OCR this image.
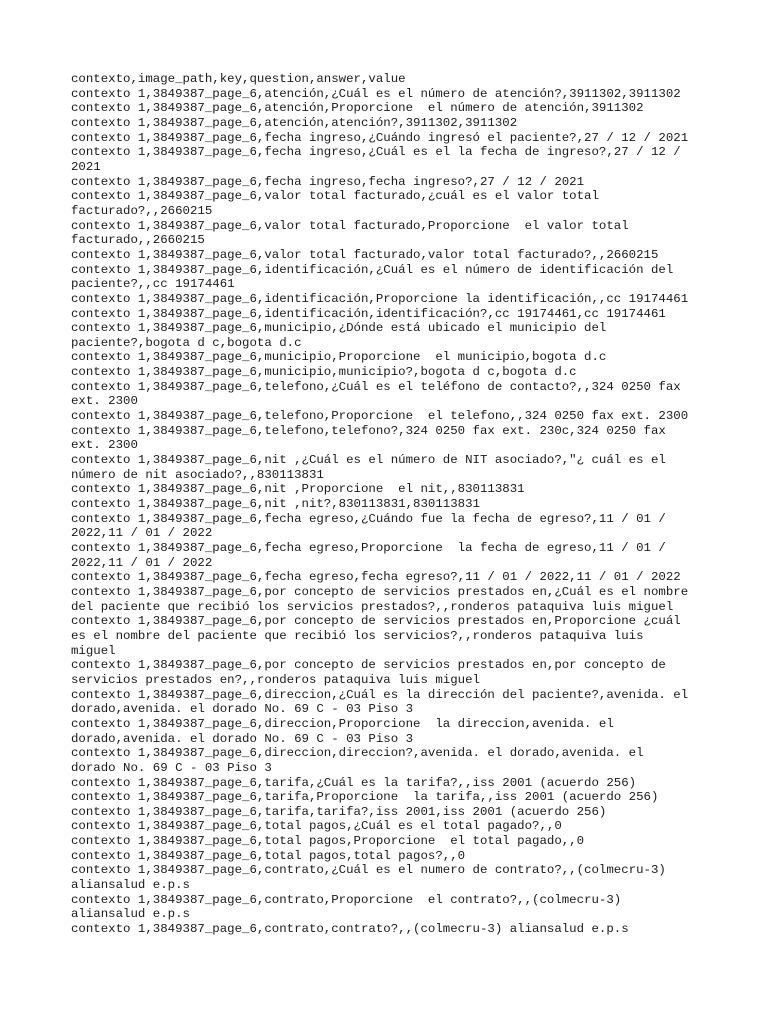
contexto,image_path,key,question,answer,value

contexto 1,3849387_page_6,atención,¿Cuál es el número de atención?,3911302,3911302

contexto 1,3849387_page_6,atención,Proporcione  el número de atención,3911302

contexto 1,3849387_page_6,atención,atención?,3911302,3911302

contexto 1,3849387_page_6,fecha ingreso,¿Cuándo ingresó el paciente?,27 / 12 / 2021

contexto 1,3849387_page_6,fecha ingreso,¿Cuál es el la fecha de ingreso?,27 / 12 /

2021

contexto 1,3849387_page_6,fecha ingreso,fecha ingreso?,27 / 12 / 2021

contexto 1,3849387_page_6,valor total facturado,¿cuál es el valor total

facturado?,,2660215

contexto 1,3849387_page_6,valor total facturado,Proporcione  el valor total

facturado,,2660215

contexto 1,3849387_page_6,valor total facturado,valor total facturado?,,2660215

contexto 1,3849387_page_6,identificación,¿Cuál es el número de identificación del

paciente?,,cc 19174461

contexto 1,3849387_page_6,identificación,Proporcione la identificación,,cc 19174461

contexto 1,3849387_page_6,identificación,identificación?,cc 19174461,cc 19174461

contexto 1,3849387_page_6,municipio,¿Dónde está ubicado el municipio del

paciente?,bogota d c,bogota d.c

contexto 1,3849387_page_6,municipio,Proporcione  el municipio,bogota d.c

contexto 1,3849387_page_6,municipio,municipio?,bogota d c,bogota d.c

contexto 1,3849387_page_6,telefono,¿Cuál es el teléfono de contacto?,,324 0250 fax

ext. 2300

contexto 1,3849387_page_6,telefono,Proporcione  el telefono,,324 0250 fax ext. 2300

contexto 1,3849387_page_6,telefono,telefono?,324 0250 fax ext. 230c,324 0250 fax

ext. 2300

contexto 1,3849387_page_6,nit ,¿Cuál es el número de NIT asociado?,"¿ cuál es el

número de nit asociado?,,830113831

contexto 1,3849387_page_6,nit ,Proporcione  el nit,,830113831

contexto 1,3849387_page_6,nit ,nit?,830113831,830113831

contexto 1,3849387_page_6,fecha egreso,¿Cuándo fue la fecha de egreso?,11 / 01 /

2022,11 / 01 / 2022

contexto 1,3849387_page_6,fecha egreso,Proporcione  la fecha de egreso,11 / 01 /

2022,11 / 01 / 2022

contexto 1,3849387_page_6,fecha egreso,fecha egreso?,11 / 01 / 2022,11 / 01 / 2022

contexto 1,3849387_page_6,por concepto de servicios prestados en,¿Cuál es el nombre

del paciente que recibió los servicios prestados?,,ronderos pataquiva luis miguel

contexto 1,3849387_page_6,por concepto de servicios prestados en,Proporcione ¿cuál

es el nombre del paciente que recibió los servicios?,,ronderos pataquiva luis

miguel

contexto 1,3849387_page_6,por concepto de servicios prestados en,por concepto de

servicios prestados en?,,ronderos pataquiva luis miguel

contexto 1,3849387_page_6,direccion,¿Cuál es la dirección del paciente?,avenida. el

dorado,avenida. el dorado No. 69 C - 03 Piso 3

contexto 1,3849387_page_6,direccion,Proporcione  la direccion,avenida. el

dorado,avenida. el dorado No. 69 C - 03 Piso 3

contexto 1,3849387_page_6,direccion,direccion?,avenida. el dorado,avenida. el

dorado No. 69 C - 03 Piso 3

contexto 1,3849387_page_6,tarifa,¿Cuál es la tarifa?,,iss 2001 (acuerdo 256)

contexto 1,3849387_page_6,tarifa,Proporcione  la tarifa,,iss 2001 (acuerdo 256)

contexto 1,3849387_page_6,tarifa,tarifa?,iss 2001,iss 2001 (acuerdo 256)

contexto 1,3849387_page_6,total pagos,¿Cuál es el total pagado?,,0

contexto 1,3849387_page_6,total pagos,Proporcione  el total pagado,,0

contexto 1,3849387_page_6,total pagos,total pagos?,,0

contexto 1,3849387_page_6,contrato,¿Cuál es el numero de contrato?,,(colmecru-3)

aliansalud e.p.s

contexto 1,3849387_page_6,contrato,Proporcione  el contrato?,,(colmecru-3)

aliansalud e.p.s

contexto 1,3849387_page_6,contrato,contrato?,,(colmecru-3) aliansalud e.p.s
